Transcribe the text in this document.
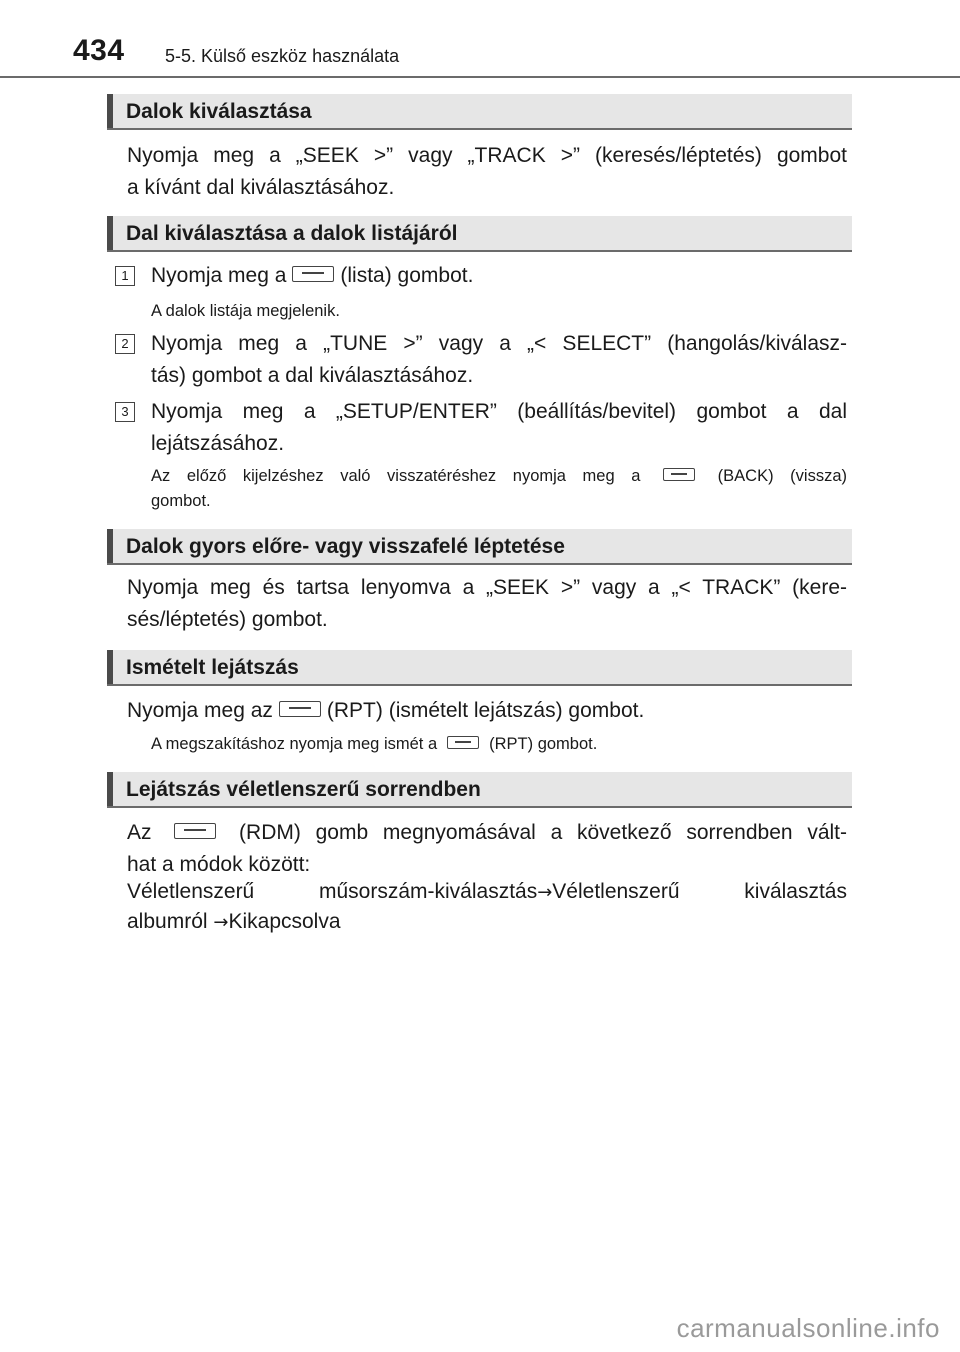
434 5-5. Külső eszköz használata
Dalok kiválasztása
Nyomja meg a „SEEK >” vagy „TRACK >” (keresés/léptetés) gombot
a kívánt dal kiválasztásához.
Dal kiválasztása a dalok listájáról
1	Nyomja meg a	(lista) gombot.
A dalok listája megjelenik.
2	Nyomja meg a „TUNE >” vagy a „< SELECT” (hangolás/kiválasz-
tás) gombot a dal kiválasztásához.
3	Nyomja meg a „SETUP/ENTER” (beállítás/bevitel) gombot a dal
lejátszásához.
Az előző kijelzéshez való visszatéréshez nyomja meg a	(BACK) (vissza)
gombot.
Dalok gyors előre- vagy visszafelé léptetése
Nyomja meg és tartsa lenyomva a „SEEK >” vagy a „< TRACK” (kere-
sés/léptetés) gombot.
Ismételt lejátszás
Nyomja meg az	(RPT) (ismételt lejátszás) gombot.
A megszakításhoz nyomja meg ismét a	(RPT) gombot.
Lejátszás véletlenszerű sorrendben
Az	(RDM) gomb megnyomásával a következő sorrendben vált-
hat a módok között:
Véletlenszerű műsorszám-kiválasztás→Véletlenszerű kiválasztás
albumról →Kikapcsolva
carmanualsonline.info
